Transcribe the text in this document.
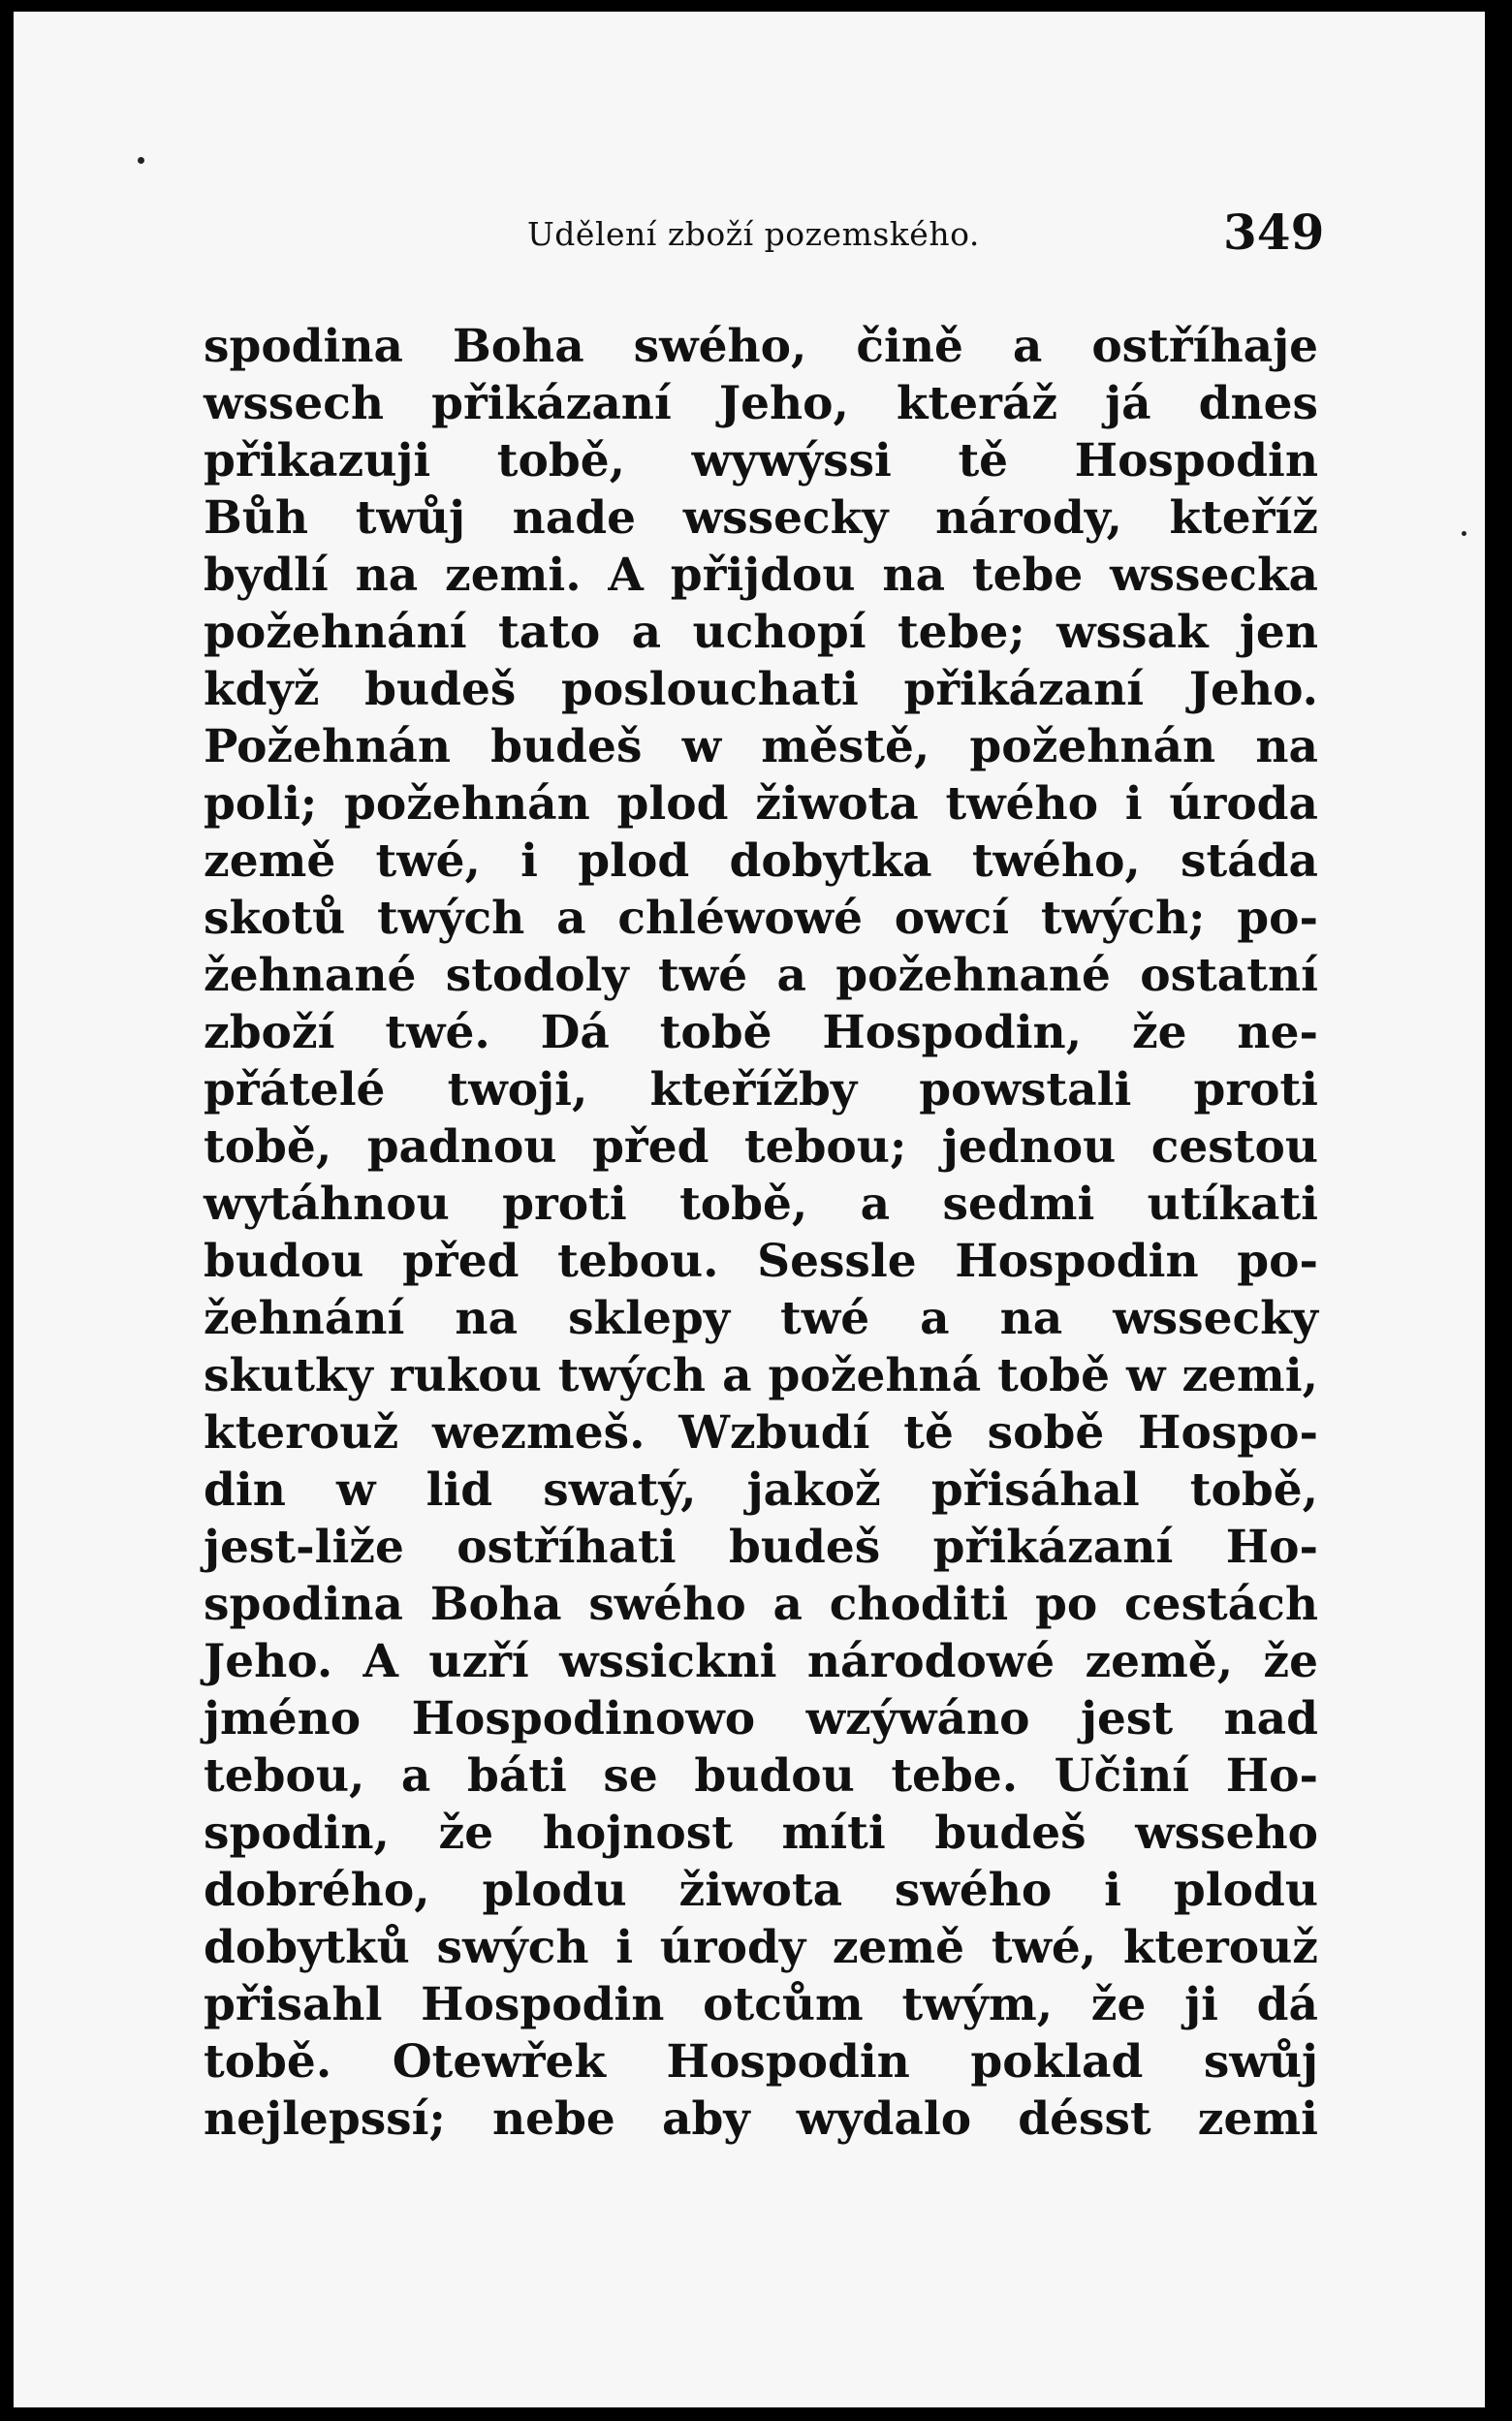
Udělení zboží pozemského.	349
spodina Boha swého, čině a ostříhaje
wssech přikázaní Jeho, kteráž já dnes
přikazuji tobě, wywýssi tě Hospodin
Bůh twůj nade wssecky národy, kteříž
bydlí na zemi. A přijdou na tebe wssecka
požehnání tato a uchopí tebe; wssak jen
když budeš poslouchati přikázaní Jeho.
Požehnán budeš w městě, požehnán na
poli; požehnán plod žiwota twého i úroda
země twé, i plod dobytka twého, stáda
skotů twých a chléwowé owcí twých; po-
žehnané stodoly twé a požehnané ostatní
zboží twé. Dá tobě Hospodin, že ne-
přátelé twoji, kteřížby powstali proti
tobě, padnou před tebou; jednou cestou
wytáhnou proti tobě, a sedmi utíkati
budou před tebou. Sessle Hospodin po-
žehnání na sklepy twé a na wssecky
skutky rukou twých a požehná tobě w zemi,
kterouž wezmeš. Wzbudí tě sobě Hospo-
din w lid swatý, jakož přisáhal tobě,
jest-liže ostříhati budeš přikázaní Ho-
spodina Boha swého a choditi po cestách
Jeho. A uzří wssickni národowé země, že
jméno Hospodinowo wzýwáno jest nad
tebou, a báti se budou tebe. Učiní Ho-
spodin, že hojnost míti budeš wsseho
dobrého, plodu žiwota swého i plodu
dobytků swých i úrody země twé, kterouž
přisahl Hospodin otcům twým, že ji dá
tobě. Otewřek Hospodin poklad swůj
nejlepssí; nebe aby wydalo désst zemi
